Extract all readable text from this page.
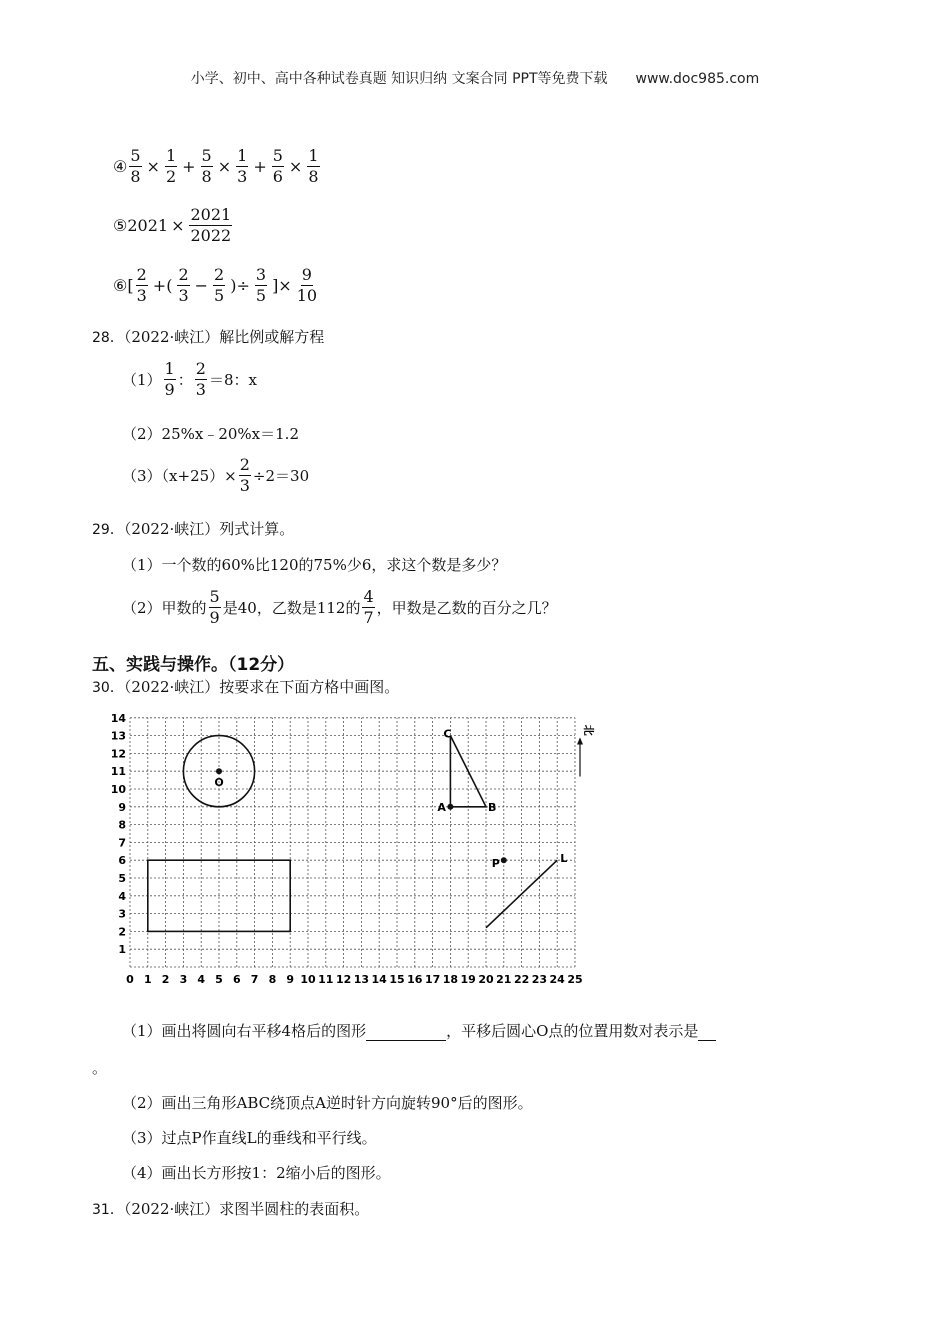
小学、初中、高中各种试卷真题 知识归纳 文案合同 PPT等免费下载 www.doc985.com
④ $\frac{5}{8} \times \frac{1}{2} + \frac{5}{8} \times \frac{1}{3} + \frac{5}{6} \times \frac{1}{8}$
⑤ $2021 \times \frac{2021}{2022}$
⑥ [ $\frac{2}{3}$ +( $\frac{2}{3} - \frac{2}{5}$ )÷ $\frac{3}{5}$ ]× $\frac{9}{10}$
28．（2022·峡江）解比例或解方程
$(1) \frac{1}{9}$ ： $\frac{2}{3} =8$：x
（2）25%x﹣20%x＝1.2
$(3)(x+25)\times \frac{2}{3} \div 2=30$
29．（2022·峡江）列式计算。
（1）一个数的60%比120的75%少6，求这个数是多少？
（2）甲数的 $\frac{5}{9}$ 是40，乙数是112的 $\frac{4}{7}$ ，甲数是乙数的百分之几？
五、实践与操作。（12分）
30．（2022·峡江）按要求在下面方格中画图。
0 1 2 3 4 5 6 7 8 9 10 11 12 13 14 15 16 17 18 19 20 21 22 23 24 25
1
2
3
4
5
6
7
8
9
10
11
12
13
14
O
A	B
C
P	L
北
（1）画出将圆向右平移4格后的图形	，平移后圆心O点的位置用数对表示是
。
（2）画出三角形ABC绕顶点A逆时针方向旋转90°后的图形。
（3）过点P作直线L的垂线和平行线。
（4）画出长方形按1：2缩小后的图形。
31．（2022·峡江）求图半圆柱的表面积。
